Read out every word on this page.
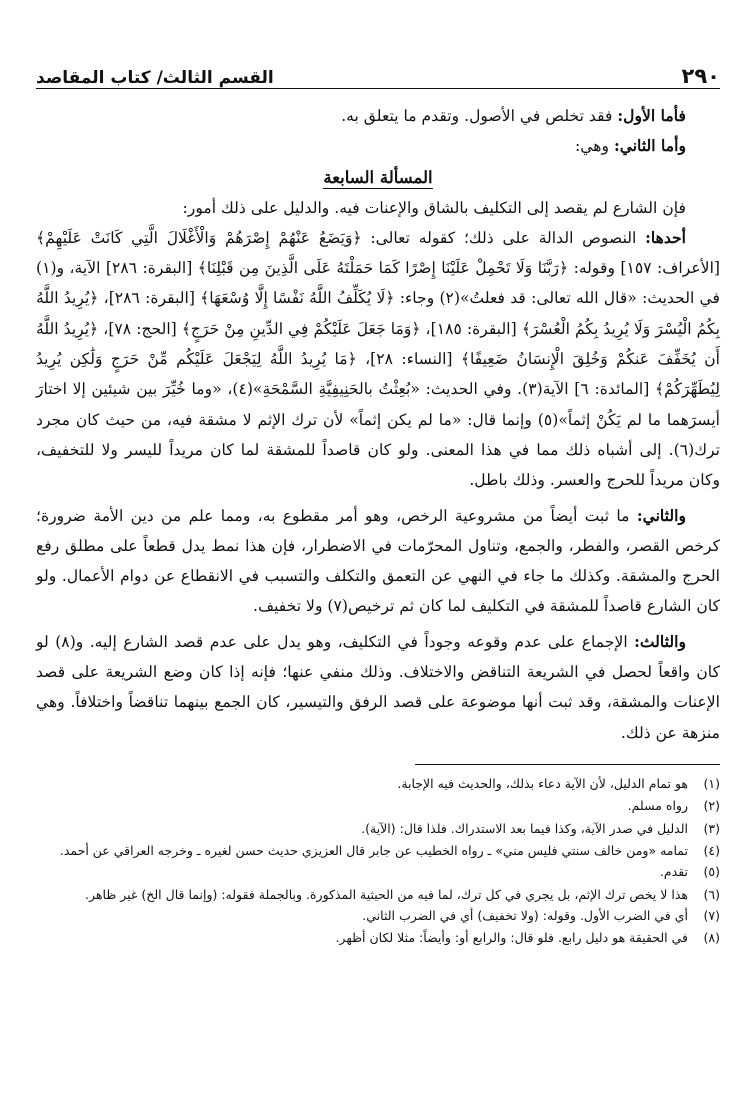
٢٩٠
القسم الثالث/ كتاب المقاصد

فأما الأول: فقد تخلص في الأصول. وتقدم ما يتعلق به.

وأما الثاني: وهي:

المسألة السابعة

فإن الشارع لم يقصد إلى التكليف بالشاق والإعنات فيه. والدليل على ذلك أمور:

أحدها: النصوص الدالة على ذلك؛ كقوله تعالى: ﴿وَيَضَعُ عَنْهُمْ إِصْرَهُمْ وَالْأَغْلَالَ الَّتِي كَانَتْ عَلَيْهِمْ﴾ [الأعراف: ١٥٧] وقوله: ﴿رَبَّنَا وَلَا تَحْمِلْ عَلَيْنَا إِصْرًا كَمَا حَمَلْتَهُ عَلَى الَّذِينَ مِن قَبْلِنَا﴾ [البقرة: ٢٨٦] الآية، و(١) في الحديث: «قال الله تعالى: قد فعلتُ»(٢) وجاء: ﴿لَا يُكَلِّفُ اللَّهُ نَفْسًا إِلَّا وُسْعَهَا﴾ [البقرة: ٢٨٦]، ﴿يُرِيدُ اللَّهُ بِكُمُ الْيُسْرَ وَلَا يُرِيدُ بِكُمُ الْعُسْرَ﴾ [البقرة: ١٨٥]، ﴿وَمَا جَعَلَ عَلَيْكُمْ فِي الدِّينِ مِنْ حَرَجٍ﴾ [الحج: ٧٨]، ﴿يُرِيدُ اللَّهُ أَن يُخَفِّفَ عَنكُمْ وَخُلِقَ الْإِنسَانُ ضَعِيفًا﴾ [النساء: ٢٨]، ﴿مَا يُرِيدُ اللَّهُ لِيَجْعَلَ عَلَيْكُم مِّنْ حَرَجٍ وَلَٰكِن يُرِيدُ لِيُطَهِّرَكُمْ﴾ [المائدة: ٦] الآية(٣). وفي الحديث: «بُعِثْتُ بالحَنِيفِيَّةِ السَّمْحَةِ»(٤)، «وما خُيِّرَ بين شيئين إلا اختارَ أيسرَهما ما لم يَكُنْ إثماً»(٥) وإنما قال: «ما لم يكن إثماً» لأن ترك الإثم لا مشقة فيه، من حيث كان مجرد ترك(٦). إلى أشباه ذلك مما في هذا المعنى. ولو كان قاصداً للمشقة لما كان مريداً لليسر ولا للتخفيف، وكان مريداً للحرج والعسر. وذلك باطل.

والثاني: ما ثبت أيضاً من مشروعية الرخص، وهو أمر مقطوع به، ومما علم من دين الأمة ضرورة؛ كرخص القصر، والفطر، والجمع، وتناول المحرّمات في الاضطرار، فإن هذا نمط يدل قطعاً على مطلق رفع الحرج والمشقة. وكذلك ما جاء في النهي عن التعمق والتكلف والتسبب في الانقطاع عن دوام الأعمال. ولو كان الشارع قاصداً للمشقة في التكليف لما كان ثم ترخيص(٧) ولا تخفيف.

والثالث: الإجماع على عدم وقوعه وجوداً في التكليف، وهو يدل على عدم قصد الشارع إليه. و(٨) لو كان واقعاً لحصل في الشريعة التناقض والاختلاف. وذلك منفي عنها؛ فإنه إذا كان وضع الشريعة على قصد الإعنات والمشقة، وقد ثبت أنها موضوعة على قصد الرفق والتيسير، كان الجمع بينهما تناقضاً واختلافاً. وهي منزهة عن ذلك.

(١)
هو تمام الدليل، لأن الآية دعاء بذلك، والحديث فيه الإجابة.
(٢)
رواه مسلم.
(٣)
الدليل في صدر الآية، وكذا فيما بعد الاستدراك. فلذا قال: (الآية).
(٤)
تمامه «ومن خالف سنتي فليس مني» ـ رواه الخطيب عن جابر قال العزيزي حديث حسن لغيره ـ وخرجه العراقي عن أحمد.
(٥)
تقدم.
(٦)
هذا لا يخص ترك الإثم، بل يجري في كل ترك، لما فيه من الحيثية المذكورة. وبالجملة فقوله: (وإنما قال الخ) غير ظاهر.
(٧)
أي في الضرب الأول. وقوله: (ولا تخفيف) أي في الضرب الثاني.
(٨)
في الحقيقة هو دليل رابع. فلو قال: والرابع أو: وأيضاً: مثلا لكان أظهر.
